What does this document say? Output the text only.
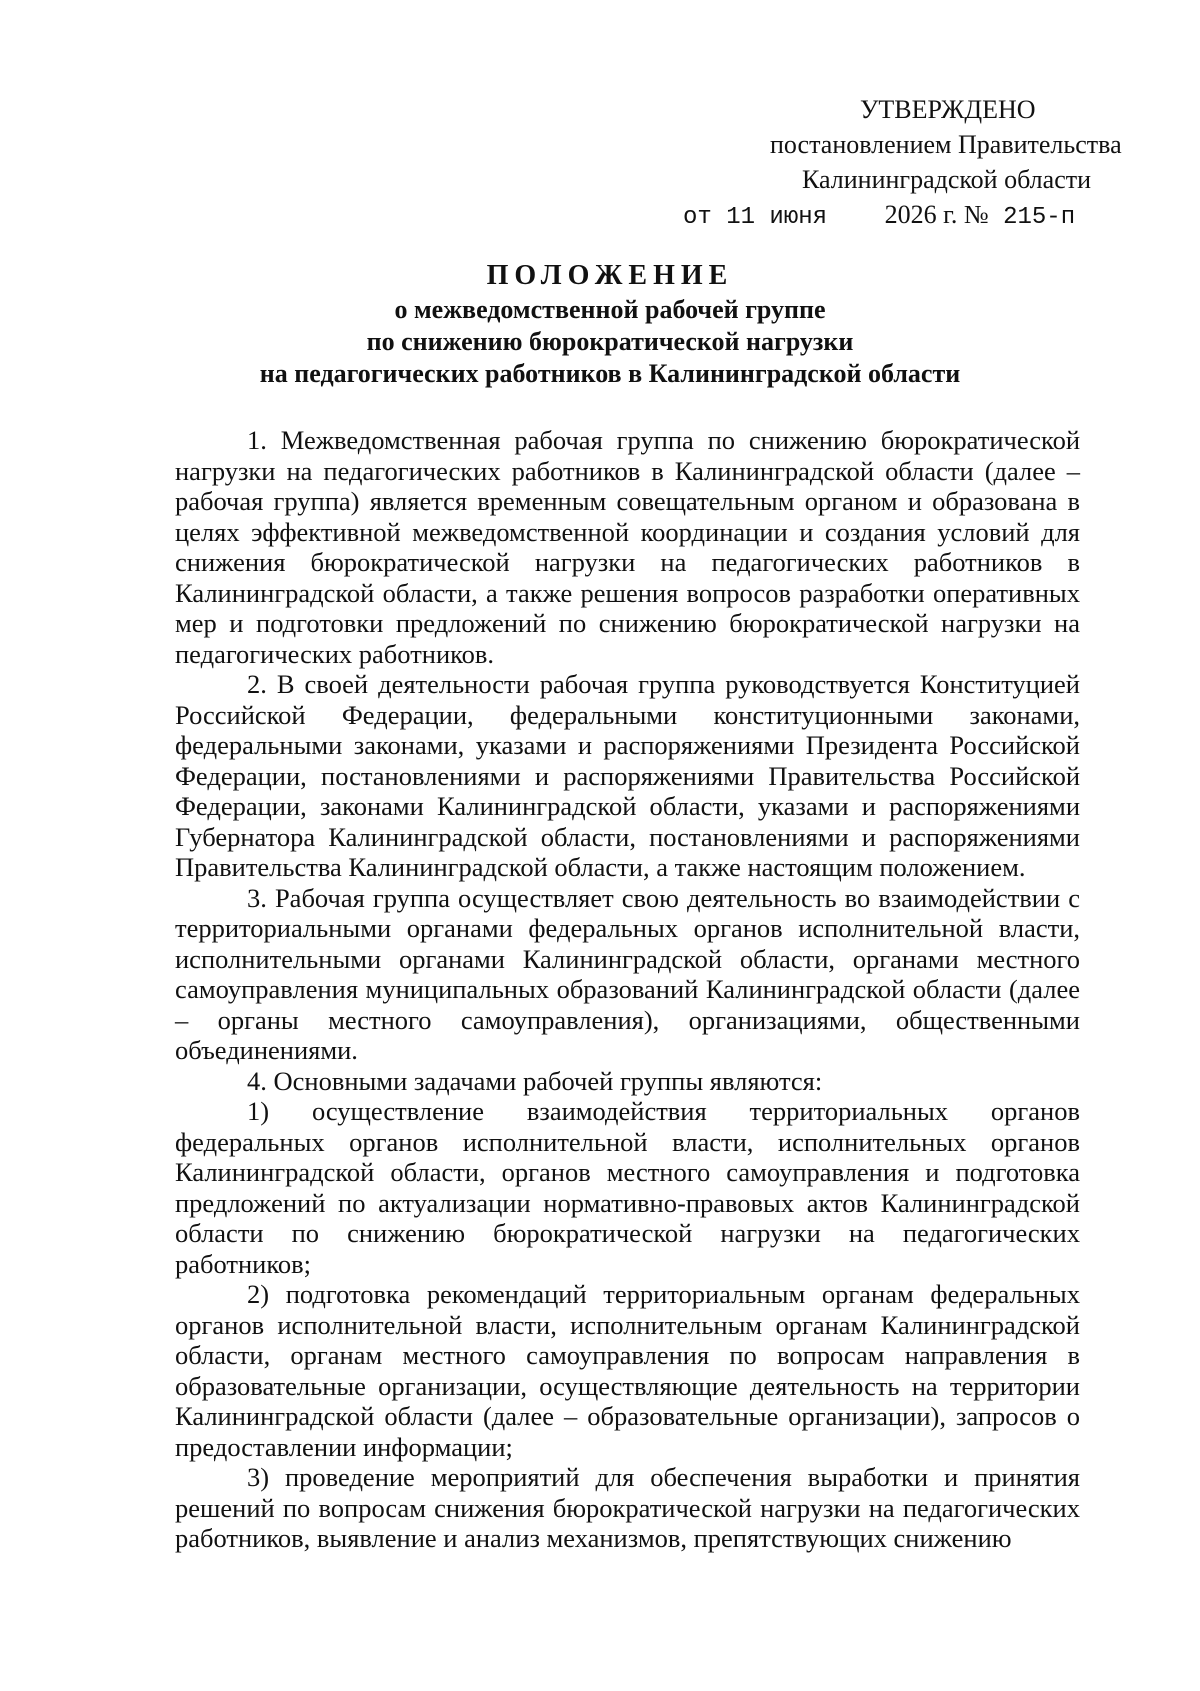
УТВЕРЖДЕНО
постановлением Правительства
Калининградской области
от 11 июня 2026 г. № 215-п
ПОЛОЖЕНИЕ
о межведомственной рабочей группе
по снижению бюрократической нагрузки
на педагогических работников в Калининградской области

1. Межведомственная рабочая группа по снижению бюрократической нагрузки на педагогических работников в Калининградской области (далее – рабочая группа) является временным совещательным органом и образована в целях эффективной межведомственной координации и создания условий для снижения бюрократической нагрузки на педагогических работников в Калининградской области, а также решения вопросов разработки оперативных мер и подготовки предложений по снижению бюрократической нагрузки на педагогических работников.

2. В своей деятельности рабочая группа руководствуется Конституцией Российской Федерации, федеральными конституционными законами, федеральными законами, указами и распоряжениями Президента Российской Федерации, постановлениями и распоряжениями Правительства Российской Федерации, законами Калининградской области, указами и распоряжениями Губернатора Калининградской области, постановлениями и распоряжениями Правительства Калининградской области, а также настоящим положением.

3. Рабочая группа осуществляет свою деятельность во взаимодействии с территориальными органами федеральных органов исполнительной власти, исполнительными органами Калининградской области, органами местного самоуправления муниципальных образований Калининградской области (далее – органы местного самоуправления), организациями, общественными объединениями.

4. Основными задачами рабочей группы являются:

1) осуществление взаимодействия территориальных органов федеральных органов исполнительной власти, исполнительных органов Калининградской области, органов местного самоуправления и подготовка предложений по актуализации нормативно-правовых актов Калининградской области по снижению бюрократической нагрузки на педагогических работников;

2) подготовка рекомендаций территориальным органам федеральных органов исполнительной власти, исполнительным органам Калининградской области, органам местного самоуправления по вопросам направления в образовательные организации, осуществляющие деятельность на территории Калининградской области (далее – образовательные организации), запросов о предоставлении информации;

3) проведение мероприятий для обеспечения выработки и принятия решений по вопросам снижения бюрократической нагрузки на педагогических работников, выявление и анализ механизмов, препятствующих снижению
